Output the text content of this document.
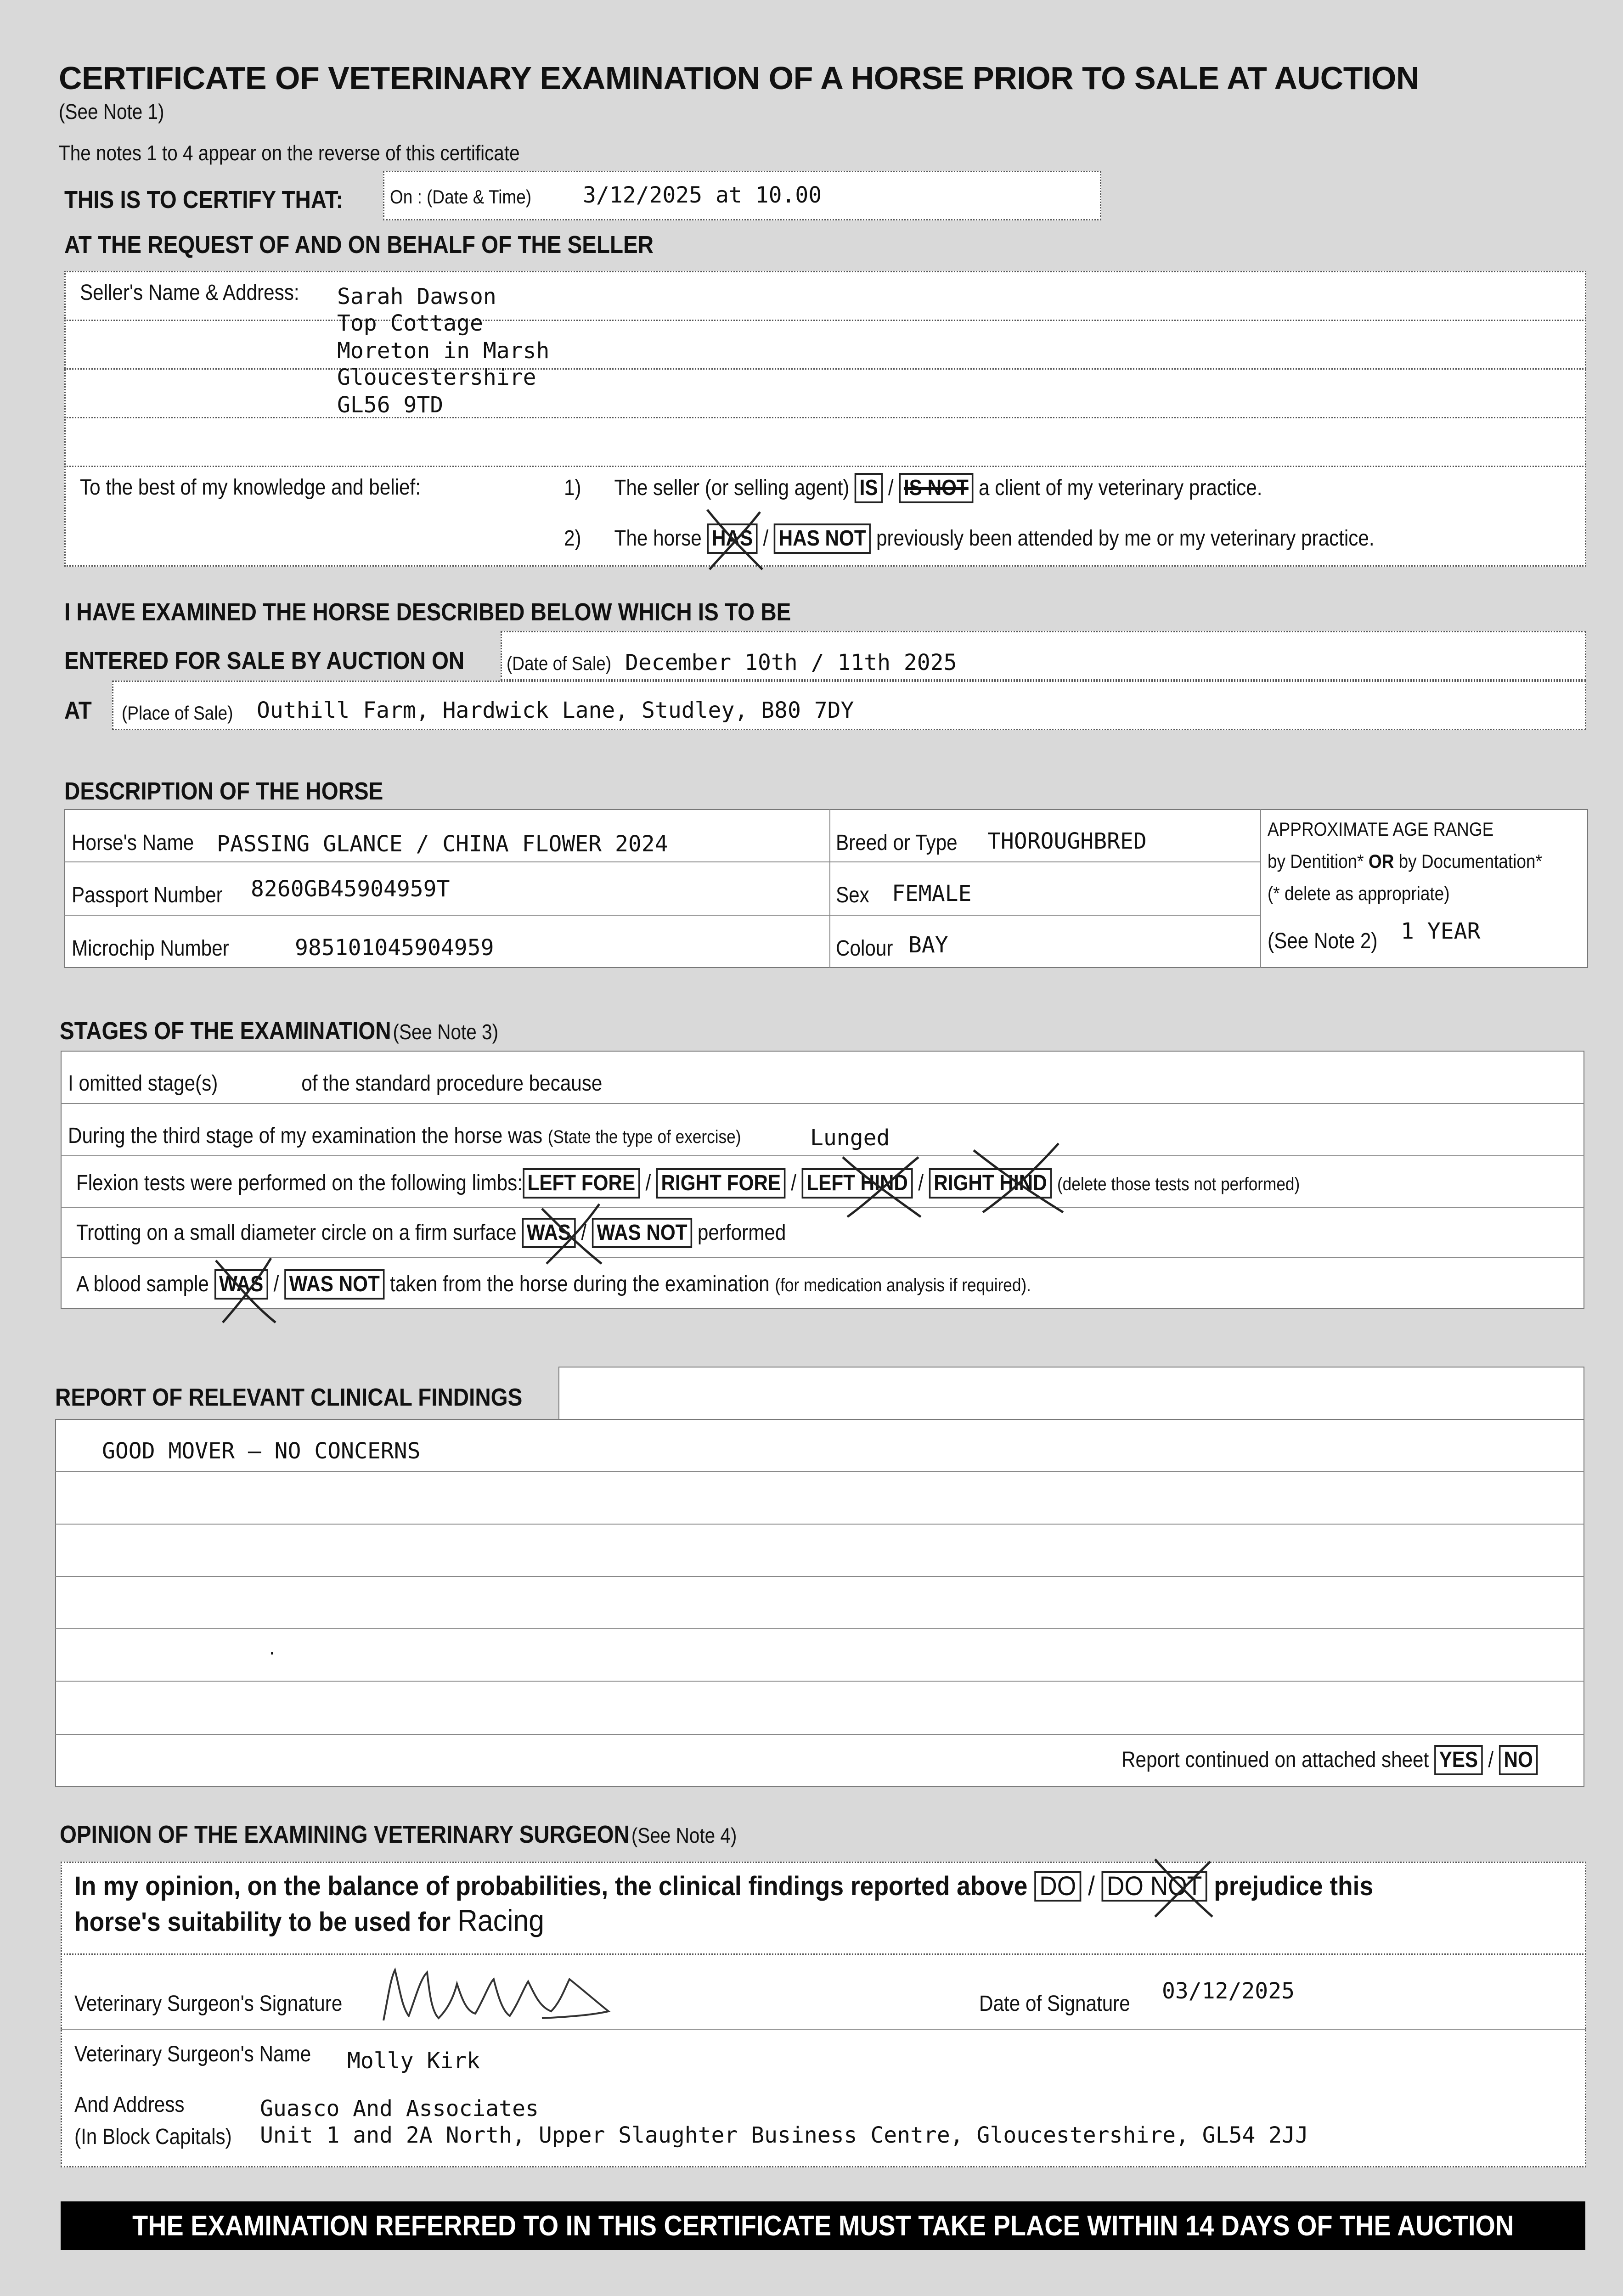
CERTIFICATE OF VETERINARY EXAMINATION OF A HORSE PRIOR TO SALE AT AUCTION
(See Note 1)
The notes 1 to 4 appear on the reverse of this certificate
THIS IS TO CERTIFY THAT: On : (Date & Time) 3/12/2025 at 10.00
AT THE REQUEST OF AND ON BEHALF OF THE SELLER
Seller's Name & Address: Sarah Dawson
Top Cottage
Moreton in Marsh
Gloucestershire
GL56 9TD
To the best of my knowledge and belief:	1) The seller (or selling agent) IS / IS NOT a client of my veterinary practice.
2) The horse HAS / HAS NOT previously been attended by me or my veterinary practice.
I HAVE EXAMINED THE HORSE DESCRIBED BELOW WHICH IS TO BE
ENTERED FOR SALE BY AUCTION ON (Date of Sale) December 10th / 11th 2025
AT (Place of Sale) Outhill Farm, Hardwick Lane, Studley, B80 7DY
DESCRIPTION OF THE HORSE
Horse's Name PASSING GLANCE / CHINA FLOWER 2024
Passport Number 8260GB45904959T
Microchip Number	985101045904959
Breed or Type THOROUGHBRED
Sex FEMALE
Colour BAY
APPROXIMATE AGE RANGE
by Dentition* OR by Documentation*
(* delete as appropriate)
(See Note 2) 1 YEAR
STAGES OF THE EXAMINATION (See Note 3)
I omitted stage(s)	of the standard procedure because
During the third stage of my examination the horse was (State the type of exercise)	Lunged
Flexion tests were performed on the following limbs: LEFT FORE / RIGHT FORE / LEFT HIND / RIGHT HIND (delete those tests not performed)
Trotting on a small diameter circle on a firm surface WAS / WAS NOT performed
A blood sample WAS / WAS NOT taken from the horse during the examination (for medication analysis if required).
REPORT OF RELEVANT CLINICAL FINDINGS
GOOD MOVER – NO CONCERNS
.
Report continued on attached sheet YES / NO
OPINION OF THE EXAMINING VETERINARY SURGEON (See Note 4)
In my opinion, on the balance of probabilities, the clinical findings reported above DO / DO NOT prejudice this
horse's suitability to be used for Racing
Veterinary Surgeon's Signature	Date of Signature 03/12/2025
Veterinary Surgeon's Name Molly Kirk
And Address
(In Block Capitals)
Guasco And Associates
Unit 1 and 2A North, Upper Slaughter Business Centre, Gloucestershire, GL54 2JJ
THE EXAMINATION REFERRED TO IN THIS CERTIFICATE MUST TAKE PLACE WITHIN 14 DAYS OF THE AUCTION
